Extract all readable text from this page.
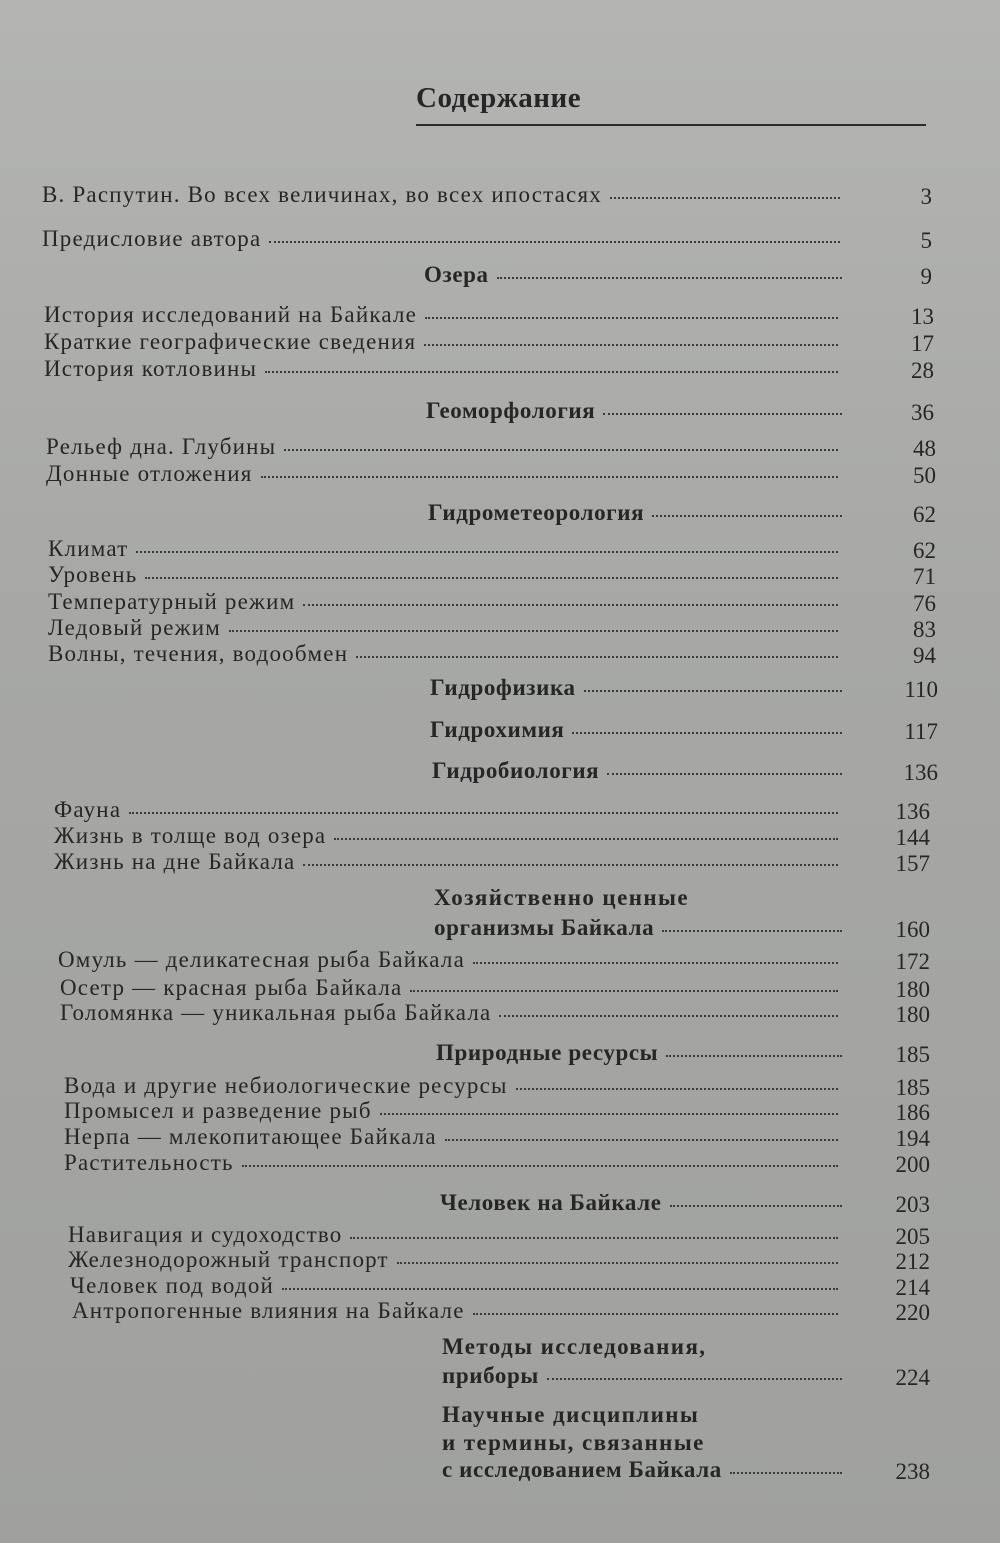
Содержание
В. Распутин. Во всех величинах, во всех ипостасях	3
Предисловие автора	5
Озера	9
История исследований на Байкале	13
Краткие географические сведения	17
История котловины	28
Геоморфология	36
Рельеф дна. Глубины	48
Донные отложения	50
Гидрометеорология	62
Климат	62
Уровень	71
Температурный режим	76
Ледовый режим	83
Волны, течения, водообмен	94
Гидрофизика	110
Гидрохимия	117
Гидробиология	136
Фауна	136
Жизнь в толще вод озера	144
Жизнь на дне Байкала	157
Хозяйственно ценные
организмы Байкала	160
Омуль — деликатесная рыба Байкала	172
Осетр — красная рыба Байкала	180
Голомянка — уникальная рыба Байкала	180
Природные ресурсы	185
Вода и другие небиологические ресурсы	185
Промысел и разведение рыб	186
Нерпа — млекопитающее Байкала	194
Растительность	200
Человек на Байкале	203
Навигация и судоходство	205
Железнодорожный транспорт	212
Человек под водой	214
Антропогенные влияния на Байкале	220
Методы исследования,
приборы	224
Научные дисциплины
и термины, связанные
с исследованием Байкала	238
